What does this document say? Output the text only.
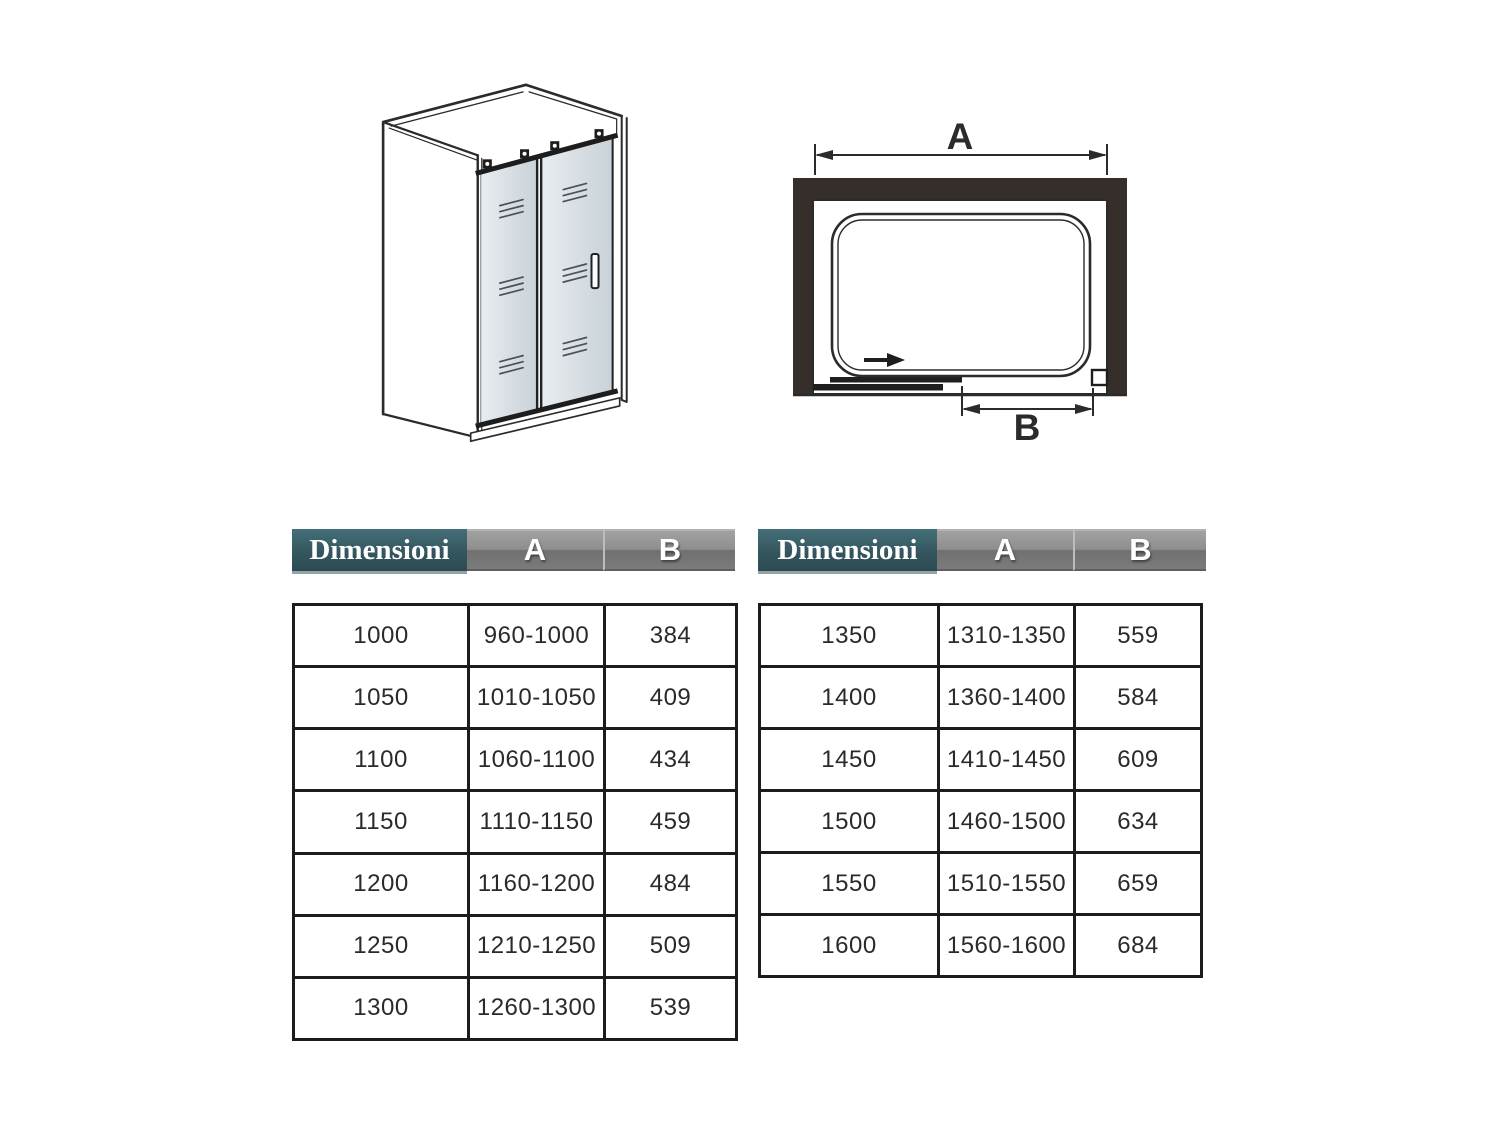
A
B
Dimensioni	A	B	Dimensioni	A	B
1000	960-1000	384
1050	1010-1050	409
1100	1060-1100	434
1150	1110-1150	459
1200	1160-1200	484
1250	1210-1250	509
1300	1260-1300	539
1350	1310-1350	559
1400	1360-1400	584
1450	1410-1450	609
1500	1460-1500	634
1550	1510-1550	659
1600	1560-1600	684
